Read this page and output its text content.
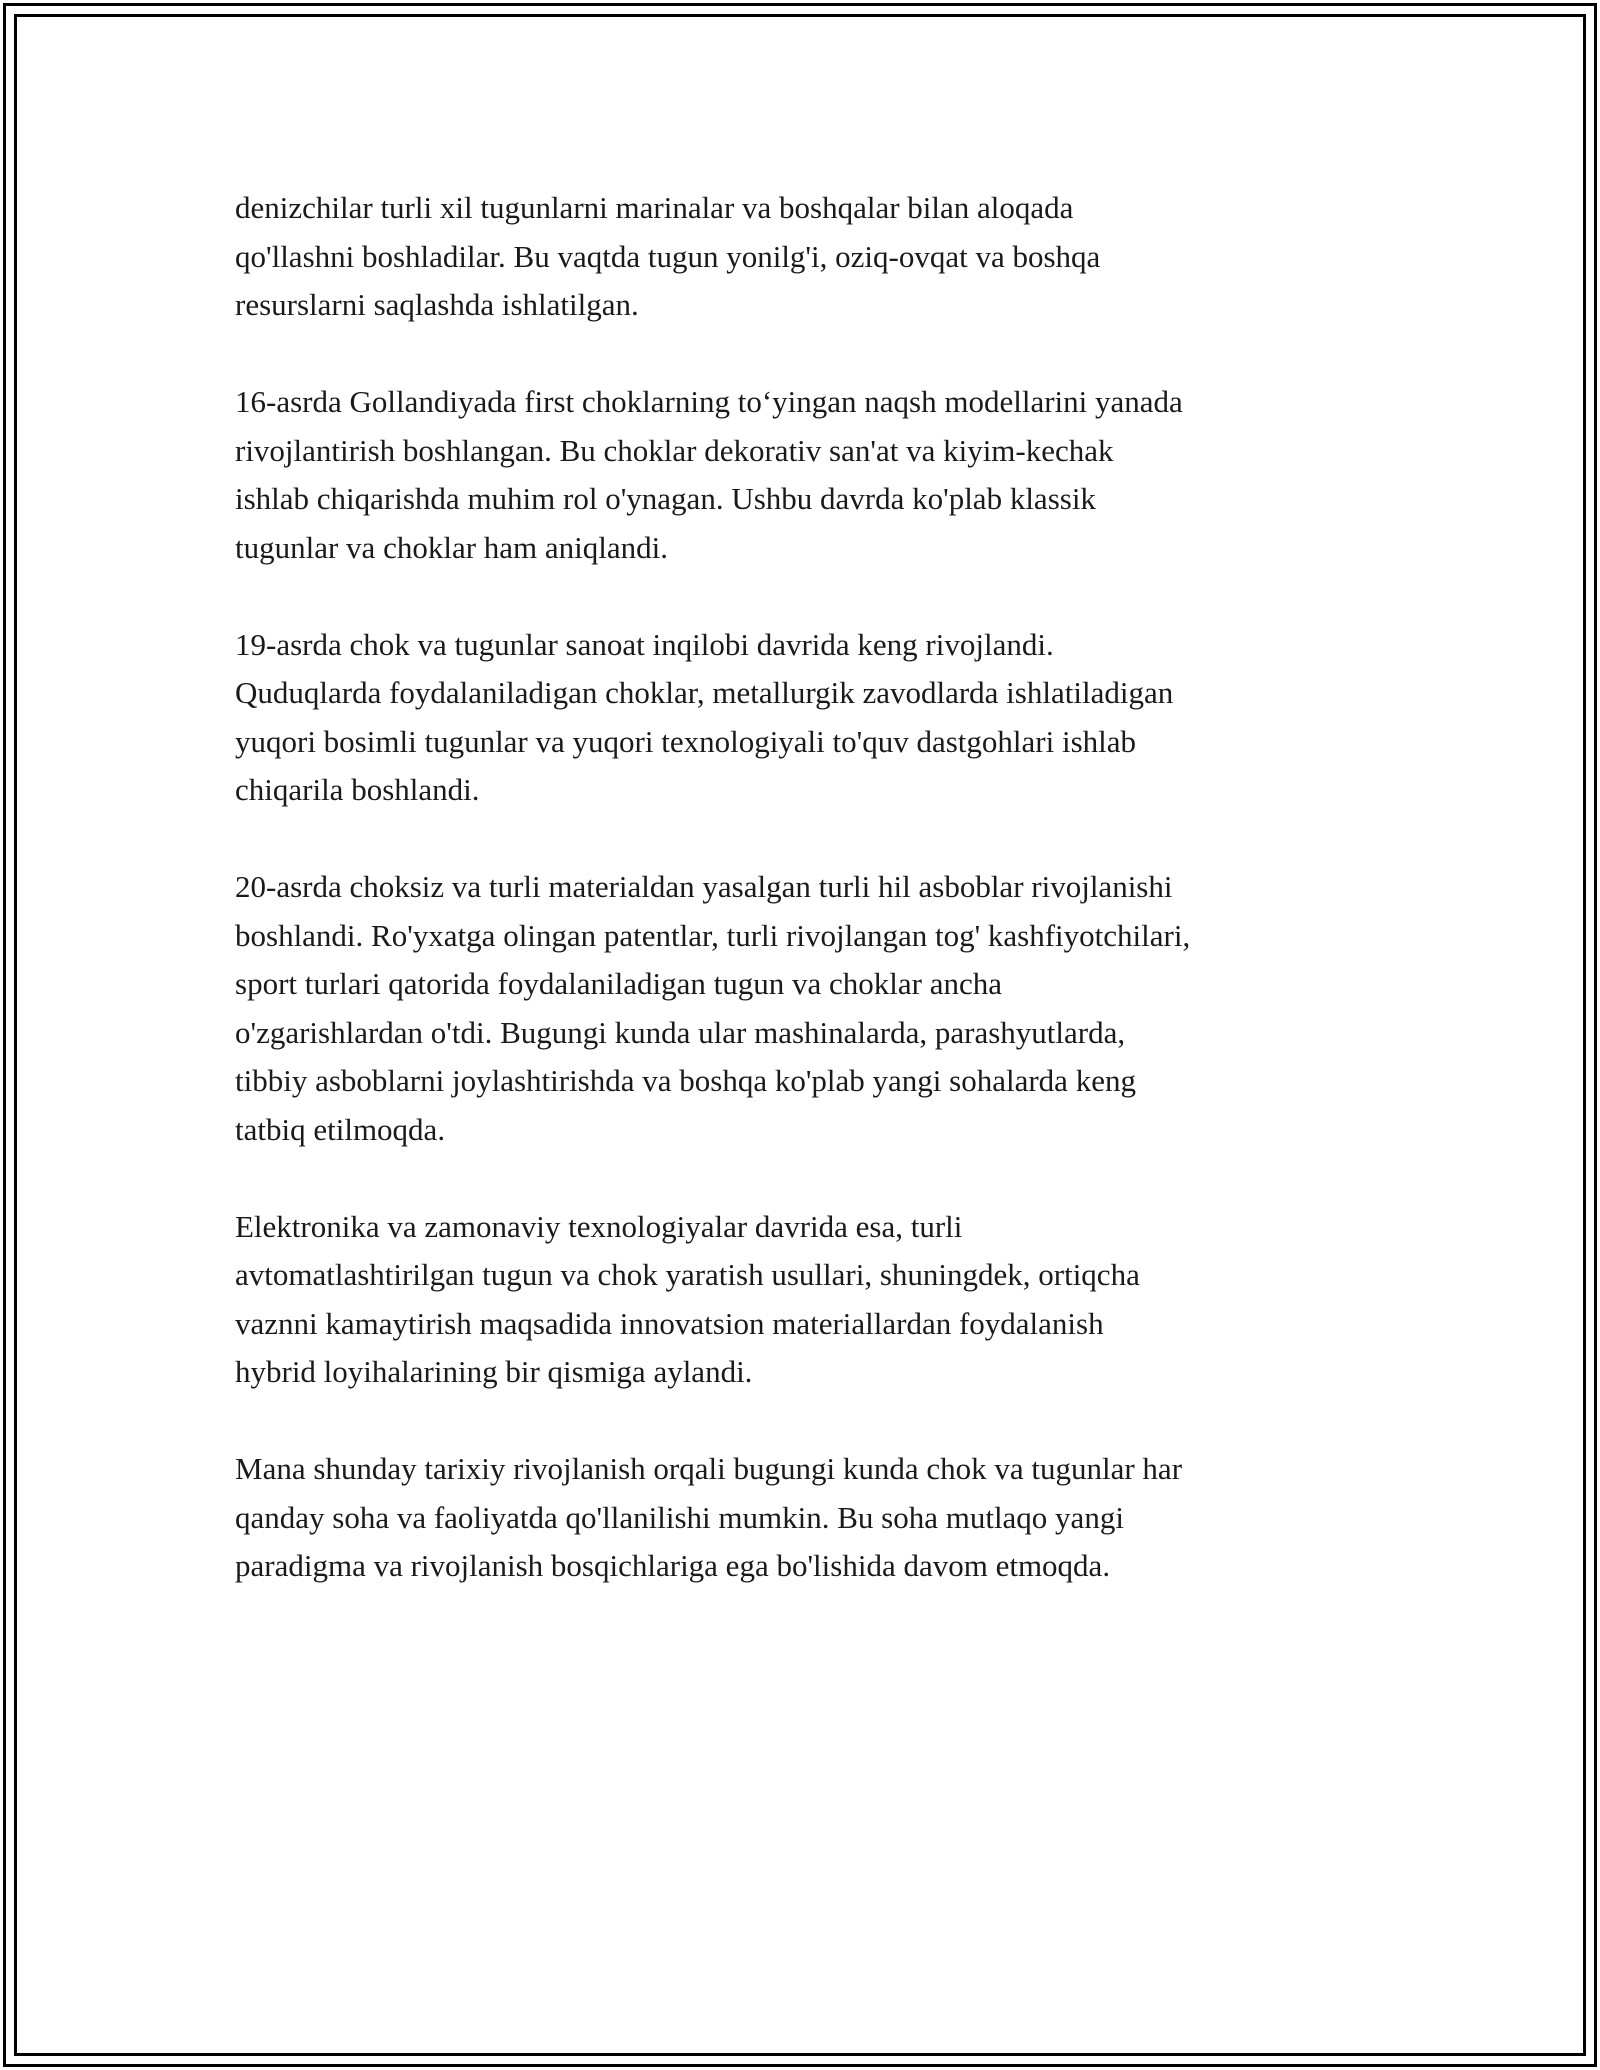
denizchilar turli xil tugunlarni marinalar va boshqalar bilan aloqada
qo'llashni boshladilar. Bu vaqtda tugun yonilg'i, oziq-ovqat va boshqa
resurslarni saqlashda ishlatilgan.

16-asrda Gollandiyada first choklarning to‘yingan naqsh modellarini yanada
rivojlantirish boshlangan. Bu choklar dekorativ san'at va kiyim-kechak
ishlab chiqarishda muhim rol o'ynagan. Ushbu davrda ko'plab klassik
tugunlar va choklar ham aniqlandi.

19-asrda chok va tugunlar sanoat inqilobi davrida keng rivojlandi.
Quduqlarda foydalaniladigan choklar, metallurgik zavodlarda ishlatiladigan
yuqori bosimli tugunlar va yuqori texnologiyali to'quv dastgohlari ishlab
chiqarila boshlandi.

20-asrda choksiz va turli materialdan yasalgan turli hil asboblar rivojlanishi
boshlandi. Ro'yxatga olingan patentlar, turli rivojlangan tog' kashfiyotchilari,
sport turlari qatorida foydalaniladigan tugun va choklar ancha
o'zgarishlardan o'tdi. Bugungi kunda ular mashinalarda, parashyutlarda,
tibbiy asboblarni joylashtirishda va boshqa ko'plab yangi sohalarda keng
tatbiq etilmoqda.

Elektronika va zamonaviy texnologiyalar davrida esa, turli
avtomatlashtirilgan tugun va chok yaratish usullari, shuningdek, ortiqcha
vaznni kamaytirish maqsadida innovatsion materiallardan foydalanish
hybrid loyihalarining bir qismiga aylandi.

Mana shunday tarixiy rivojlanish orqali bugungi kunda chok va tugunlar har
qanday soha va faoliyatda qo'llanilishi mumkin. Bu soha mutlaqo yangi
paradigma va rivojlanish bosqichlariga ega bo'lishida davom etmoqda.
